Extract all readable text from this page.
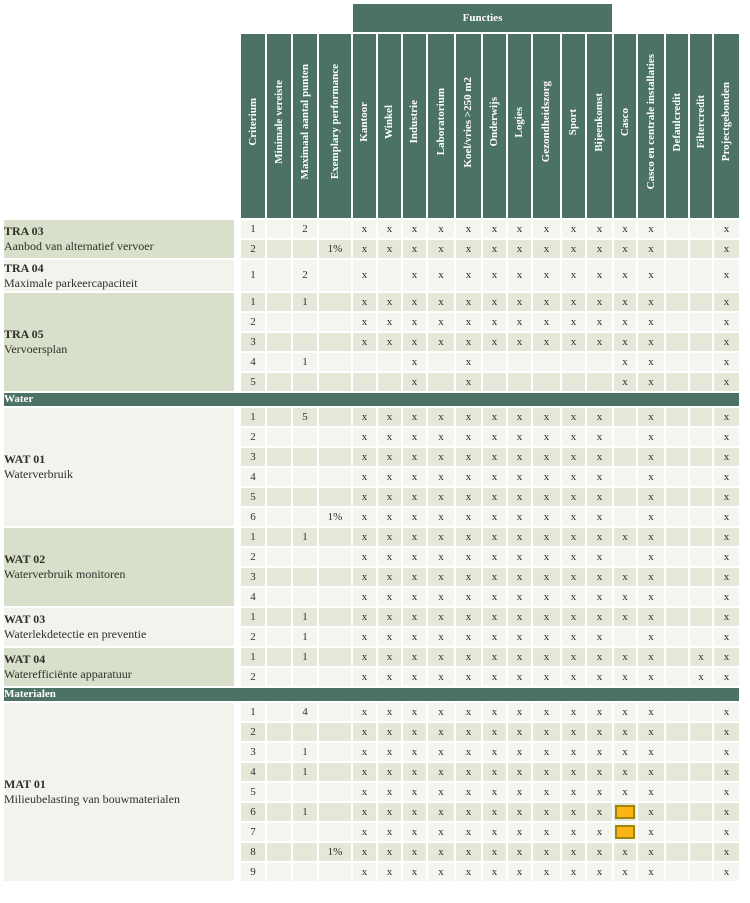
						Functies														
		Criterium	Minimale vereiste	Maximaal aantal punten	Exemplary performance	Kantoor	Winkel	Industrie	Laboratorium	Koel/vries >250 m2	Onderwijs	Logies	Gezondheidszorg	Sport	Bijeenkomst	Casco	Casco en centrale installaties	Defaulcredit	Filtercredit	Projectgebonden

TRA 03
Aanbod van alternatief vervoer		1		2		x	x	x	x	x	x	x	x	x	x	x	x			x
		2			1%	x	x	x	x	x	x	x	x	x	x	x	x			x

TRA 04
Maximale parkeercapaciteit		1		2		x		x	x	x	x	x	x	x	x	x	x			x

TRA 05
Vervoersplan		1		1		x	x	x	x	x	x	x	x	x	x	x	x			x
		2				x	x	x	x	x	x	x	x	x	x	x	x			x
		3				x	x	x	x	x	x	x	x	x	x	x	x			x
		4		1				x		x						x	x			x
		5						x		x						x	x			x
Water																				

WAT 01
Waterverbruik		1		5		x	x	x	x	x	x	x	x	x	x		x			x
		2				x	x	x	x	x	x	x	x	x	x		x			x
		3				x	x	x	x	x	x	x	x	x	x		x			x
		4				x	x	x	x	x	x	x	x	x	x		x			x
		5				x	x	x	x	x	x	x	x	x	x		x			x
		6			1%	x	x	x	x	x	x	x	x	x	x		x			x

WAT 02
Waterverbruik monitoren		1		1		x	x	x	x	x	x	x	x	x	x	x	x			x
		2				x	x	x	x	x	x	x	x	x	x		x			x
		3				x	x	x	x	x	x	x	x	x	x	x	x			x
		4				x	x	x	x	x	x	x	x	x	x	x	x			x

WAT 03
Waterlekdetectie en preventie		1		1		x	x	x	x	x	x	x	x	x	x	x	x			x
		2		1		x	x	x	x	x	x	x	x	x	x		x			x

WAT 04
Waterefficiënte apparatuur		1		1		x	x	x	x	x	x	x	x	x	x	x	x		x	x
		2				x	x	x	x	x	x	x	x	x	x	x	x		x	x
Materialen																				

MAT 01
Milieubelasting van bouwmaterialen		1		4		x	x	x	x	x	x	x	x	x	x	x	x			x
		2				x	x	x	x	x	x	x	x	x	x	x	x			x
		3		1		x	x	x	x	x	x	x	x	x	x	x	x			x
		4		1		x	x	x	x	x	x	x	x	x	x	x	x			x
		5				x	x	x	x	x	x	x	x	x	x	x	x			x
		6		1		x	x	x	x	x	x	x	x	x	x		x			x
		7				x	x	x	x	x	x	x	x	x	x		x			x
		8			1%	x	x	x	x	x	x	x	x	x	x	x	x			x
		9				x	x	x	x	x	x	x	x	x	x	x	x			x
